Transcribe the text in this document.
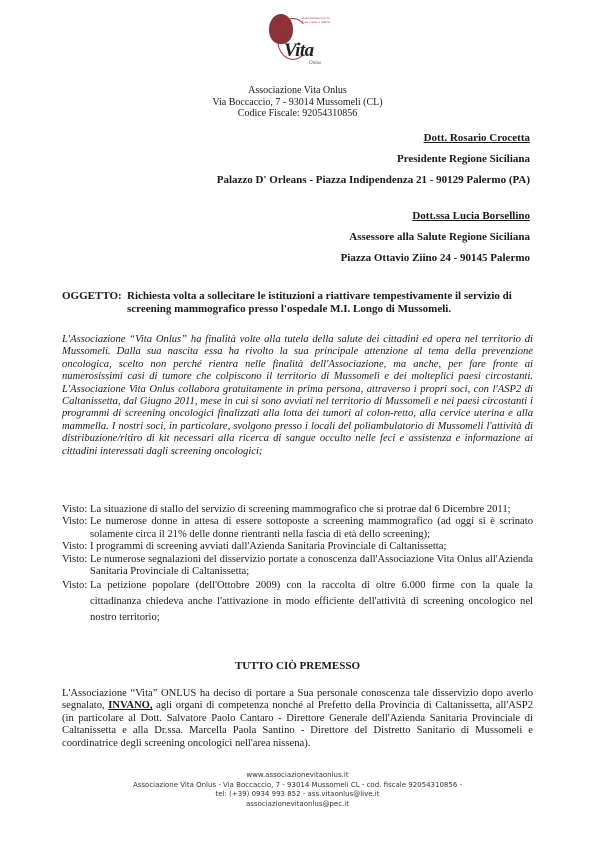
Associazione per la lotta contro i tumori
Vita
Onlus
Associazione Vita Onlus
Via Boccaccio, 7 - 93014 Mussomeli (CL)
Codice Fiscale: 92054310856
Dott. Rosario Crocetta
Presidente Regione Siciliana
Palazzo D' Orleans - Piazza Indipendenza 21 - 90129 Palermo (PA)
Dott.ssa Lucia Borsellino
Assessore alla Salute Regione Siciliana
Piazza Ottavio Ziino 24 - 90145 Palermo
OGGETTO: Richiesta volta a sollecitare le istituzioni a riattivare tempestivamente il servizio di screening mammografico presso l'ospedale M.I. Longo di Mussomeli.

L'Associazione “Vita Onlus” ha finalità volte alla tutela della salute dei cittadini ed opera nel territorio di Mussomeli. Dalla sua nascita essa ha rivolto la sua principale attenzione al tema della prevenzione oncologica, scelto non perché rientra nelle finalità dell'Associazione, ma anche, per fare fronte ai numerosissimi casi di tumore che colpiscono il territorio di Mussomeli e dei molteplici paesi circostanti. L'Associazione Vita Onlus collabora gratuitamente in prima persona, attraverso i propri soci, con l'ASP2 di Caltanissetta, dal Giugno 2011, mese in cui si sono avviati nel territorio di Mussomeli e nei paesi circostanti i programmi di screening oncologici finalizzati alla lotta dei tumori al colon-retto, alla cervice uterina e alla mammella. I nostri soci, in particolare, svolgono presso i locali del poliambulatorio di Mussomeli l'attività di distribuzione/ritiro di kit necessari alla ricerca di sangue occulto nelle feci e assistenza e informazione ai cittadini interessati dagli screening oncologici;

Visto: La situazione di stallo del servizio di screening mammografico che si protrae dal 6 Dicembre 2011;
Visto: Le numerose donne in attesa di essere sottoposte a screening mammografico (ad oggi si è scrinato solamente circa il 21% delle donne rientranti nella fascia di età dello screening);
Visto: I programmi di screening avviati dall'Azienda Sanitaria Provinciale di Caltanissetta;
Visto: Le numerose segnalazioni del disservizio portate a conoscenza dall'Associazione Vita Onlus all'Azienda Sanitaria Provinciale di Caltanissetta;
Visto: La petizione popolare (dell'Ottobre 2009) con la raccolta di oltre 6.000 firme con la quale la cittadinanza chiedeva anche l'attivazione in modo efficiente dell'attività di screening oncologico nel nostro territorio;
TUTTO CIÒ PREMESSO

L'Associazione “Vita” ONLUS ha deciso di portare a Sua personale conoscenza tale disservizio dopo averlo segnalato, INVANO, agli organi di competenza nonché al Prefetto della Provincia di Caltanissetta, all'ASP2 (in particolare al Dott. Salvatore Paolo Cantaro - Direttore Generale dell'Azienda Sanitaria Provinciale di Caltanissetta e alla Dr.ssa. Marcella Paola Santino - Direttore del Distretto Sanitario di Mussomeli e coordinatrice degli screening oncologici nell'area nissena).

www.associazionevitaonlus.it
Associazione Vita Onlus - Via Boccaccio, 7 - 93014 Mussomeli CL - cod. fiscale 92054310856 -
tel: (+39) 0934 993 852 - ass.vitaonlus@live.it
associazionevitaonlus@pec.it
